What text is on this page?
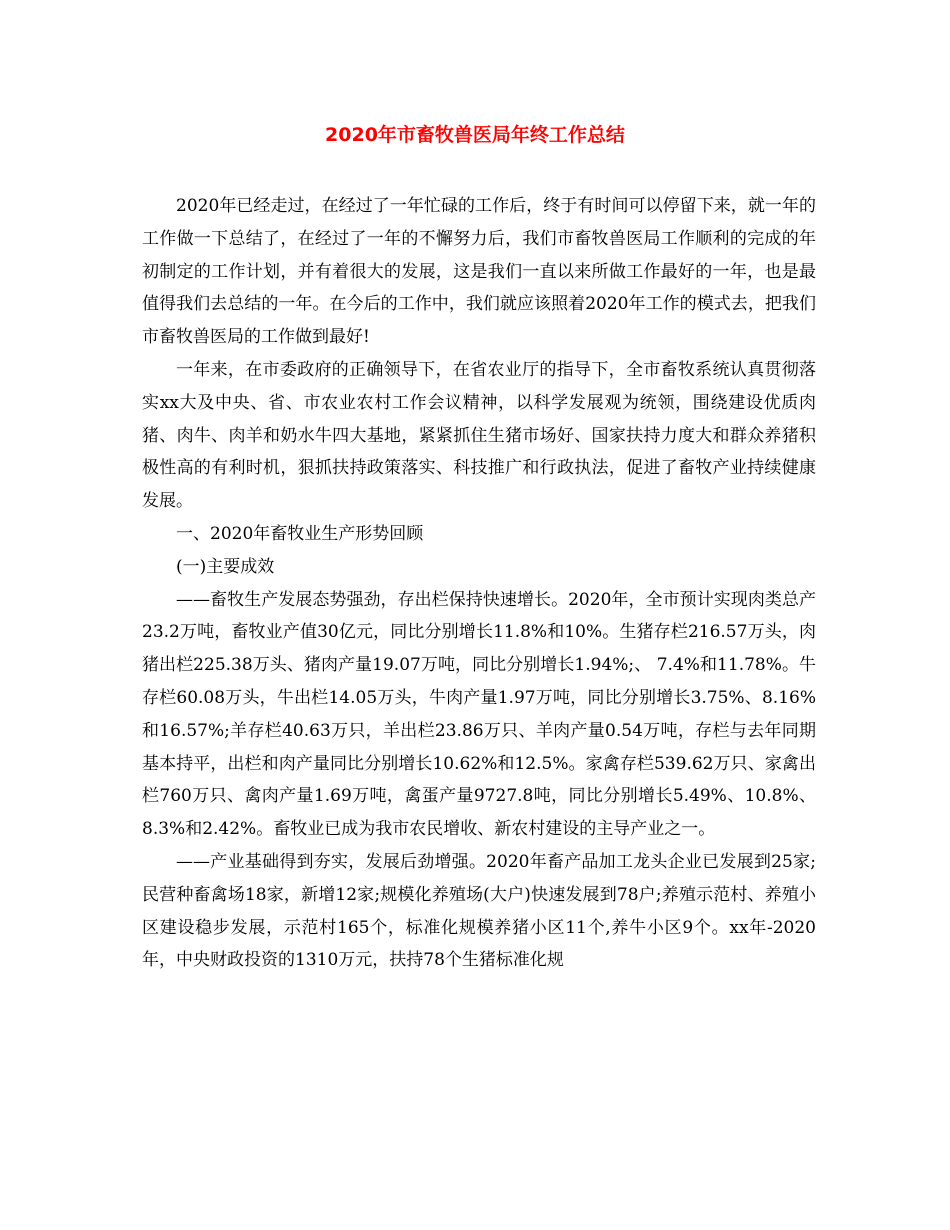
2020年市畜牧兽医局年终工作总结

2020年已经走过，在经过了一年忙碌的工作后，终于有时间可以停留下来，就一年的工作做一下总结了，在经过了一年的不懈努力后，我们市畜牧兽医局工作顺利的完成的年初制定的工作计划，并有着很大的发展，这是我们一直以来所做工作最好的一年，也是最值得我们去总结的一年。在今后的工作中，我们就应该照着2020年工作的模式去，把我们市畜牧兽医局的工作做到最好!

一年来，在市委政府的正确领导下，在省农业厅的指导下，全市畜牧系统认真贯彻落实xx大及中央、省、市农业农村工作会议精神，以科学发展观为统领，围绕建设优质肉猪、肉牛、肉羊和奶水牛四大基地，紧紧抓住生猪市场好、国家扶持力度大和群众养猪积极性高的有利时机，狠抓扶持政策落实、科技推广和行政执法，促进了畜牧产业持续健康发展。

一、2020年畜牧业生产形势回顾

(一)主要成效

——畜牧生产发展态势强劲，存出栏保持快速增长。2020年，全市预计实现肉类总产23.2万吨，畜牧业产值30亿元，同比分别增长11.8%和10%。生猪存栏216.57万头，肉猪出栏225.38万头、猪肉产量19.07万吨，同比分别增长1.94%;、 7.4%和11.78%。牛存栏60.08万头，牛出栏14.05万头，牛肉产量1.97万吨，同比分别增长3.75%、8.16%和16.57%;羊存栏40.63万只，羊出栏23.86万只、羊肉产量0.54万吨，存栏与去年同期基本持平，出栏和肉产量同比分别增长10.62%和12.5%。家禽存栏539.62万只、家禽出栏760万只、禽肉产量1.69万吨，禽蛋产量9727.8吨，同比分别增长5.49%、10.8%、8.3%和2.42%。畜牧业已成为我市农民增收、新农村建设的主导产业之一。

——产业基础得到夯实，发展后劲增强。2020年畜产品加工龙头企业已发展到25家;民营种畜禽场18家，新增12家;规模化养殖场(大户)快速发展到78户;养殖示范村、养殖小区建设稳步发展，示范村165个，标准化规模养猪小区11个,养牛小区9个。xx年-2020年，中央财政投资的1310万元，扶持78个生猪标准化规
